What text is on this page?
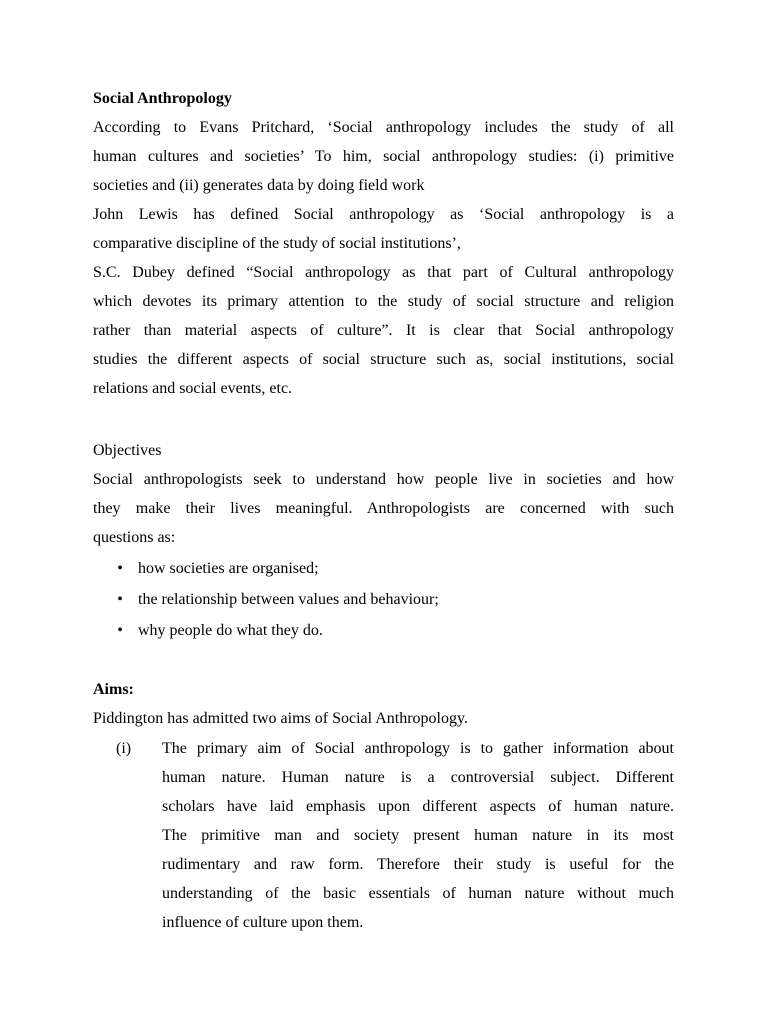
Social Anthropology
According to Evans Pritchard, ‘Social anthropology includes the study of all
human cultures and societies’ To him, social anthropology studies: (i) primitive
societies and (ii) generates data by doing field work
John Lewis has defined Social anthropology as ‘Social anthropology is a
comparative discipline of the study of social institutions’,
S.C. Dubey defined “Social anthropology as that part of Cultural anthropology
which devotes its primary attention to the study of social structure and religion
rather than material aspects of culture”. It is clear that Social anthropology
studies the different aspects of social structure such as, social institutions, social
relations and social events, etc.
Objectives
Social anthropologists seek to understand how people live in societies and how
they make their lives meaningful. Anthropologists are concerned with such
questions as:
• how societies are organised;
• the relationship between values and behaviour;
• why people do what they do.
Aims:
Piddington has admitted two aims of Social Anthropology.
(i) The primary aim of Social anthropology is to gather information about
human nature. Human nature is a controversial subject. Different
scholars have laid emphasis upon different aspects of human nature.
The primitive man and society present human nature in its most
rudimentary and raw form. Therefore their study is useful for the
understanding of the basic essentials of human nature without much
influence of culture upon them.
